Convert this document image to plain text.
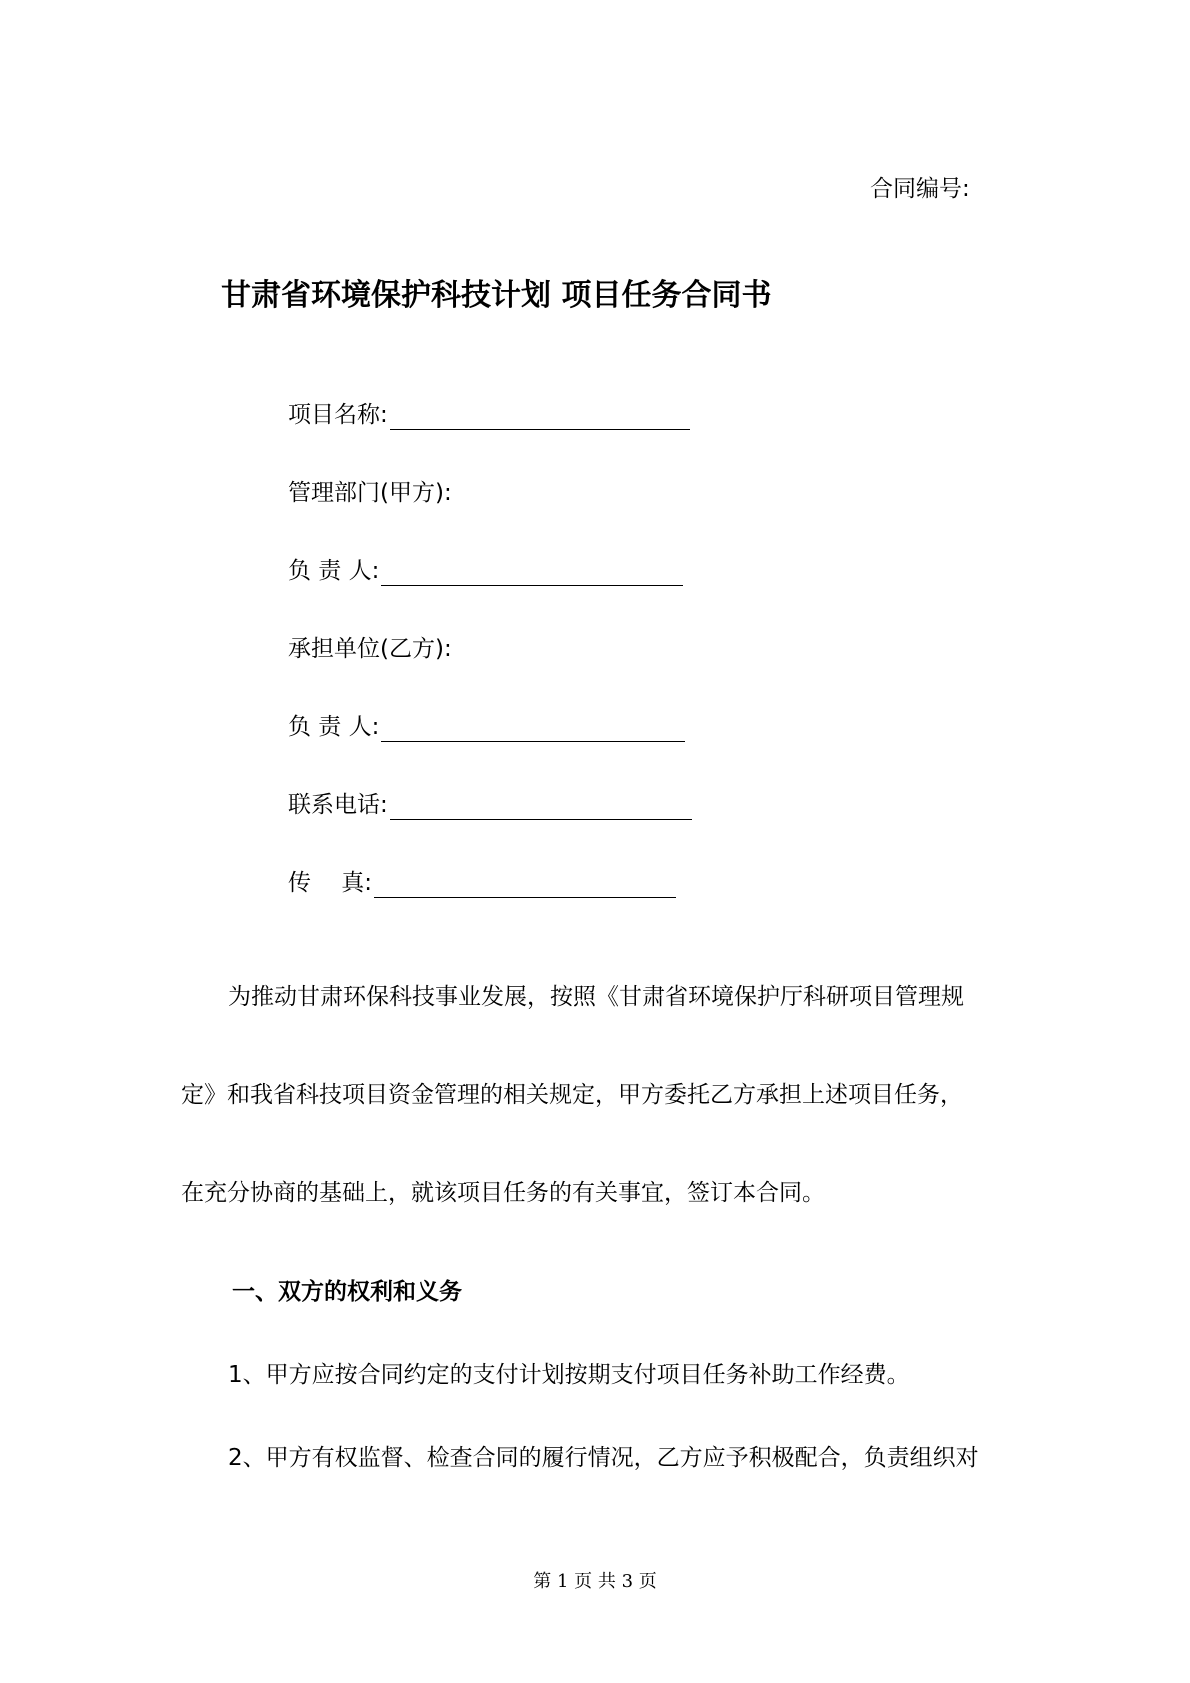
合同编号:
甘肃省环境保护科技计划 项目任务合同书
项目名称:
管理部门(甲方):
负 责 人:
承担单位(乙方):
负 责 人:
联系电话:
传　 真:
为推动甘肃环保科技事业发展，按照《甘肃省环境保护厅科研项目管理规
定》和我省科技项目资金管理的相关规定，甲方委托乙方承担上述项目任务，
在充分协商的基础上，就该项目任务的有关事宜，签订本合同。
一、双方的权利和义务
1、甲方应按合同约定的支付计划按期支付项目任务补助工作经费。
2、甲方有权监督、检查合同的履行情况，乙方应予积极配合，负责组织对
第 1 页 共 3 页
